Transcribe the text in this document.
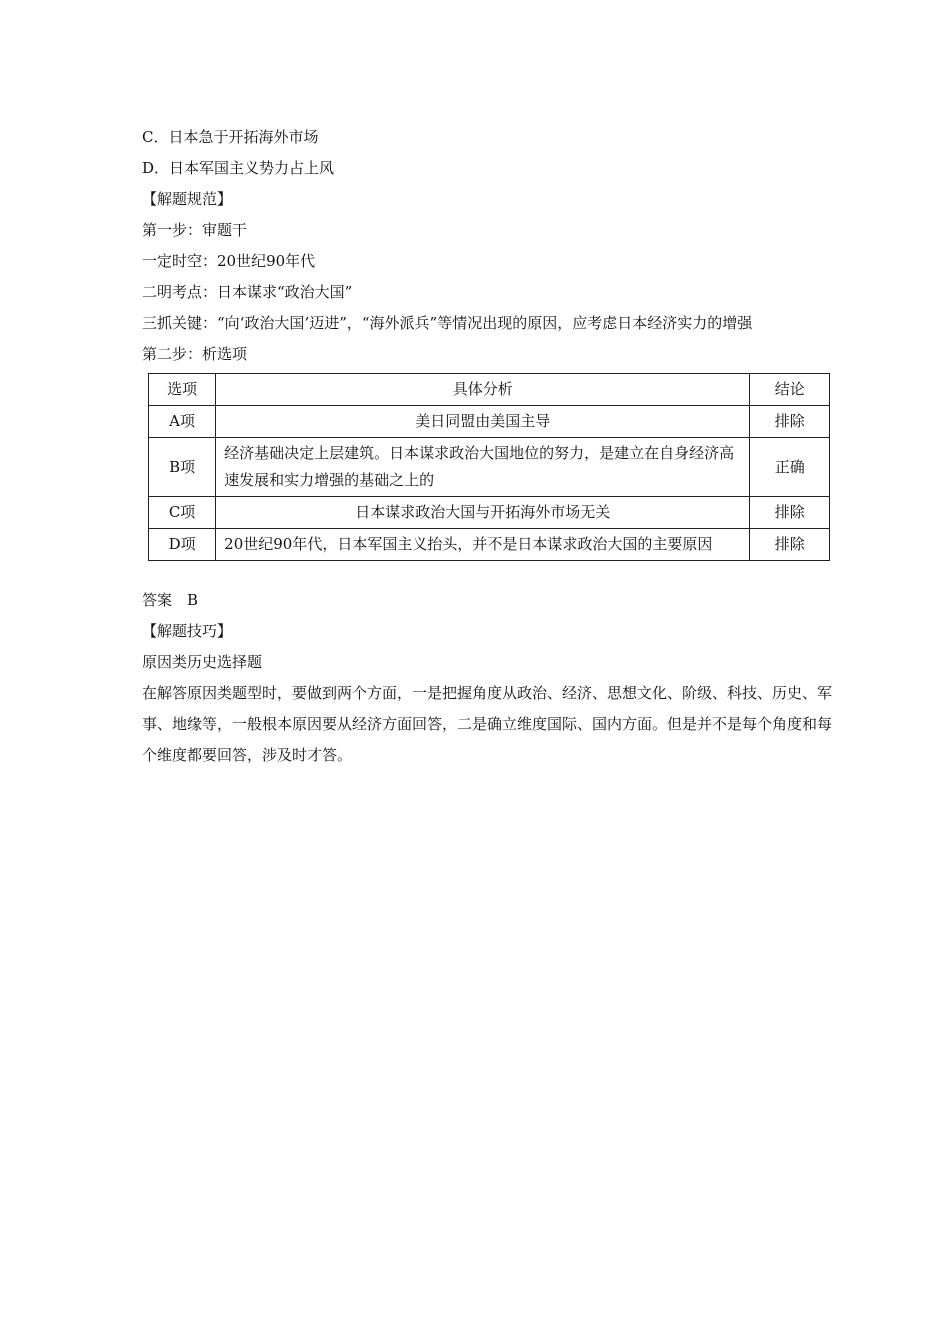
C．日本急于开拓海外市场
D．日本军国主义势力占上风
【解题规范】
第一步：审题干
一定时空：20世纪90年代
二明考点：日本谋求“政治大国”
三抓关键：“向‘政治大国’迈进”，“海外派兵”等情况出现的原因，应考虑日本经济实力的增强
第二步：析选项
选项	具体分析	结论
A项	美日同盟由美国主导	排除
B项	经济基础决定上层建筑。日本谋求政治大国地位的努力，是建立在自身经济高速发展和实力增强的基础之上的	正确
C项	日本谋求政治大国与开拓海外市场无关	排除
D项	20世纪90年代，日本军国主义抬头，并不是日本谋求政治大国的主要原因	排除
答案　B
【解题技巧】
原因类历史选择题
在解答原因类题型时，要做到两个方面，一是把握角度从政治、经济、思想文化、阶级、科技、历史、军事、地缘等，一般根本原因要从经济方面回答，二是确立维度国际、国内方面。但是并不是每个角度和每个维度都要回答，涉及时才答。
